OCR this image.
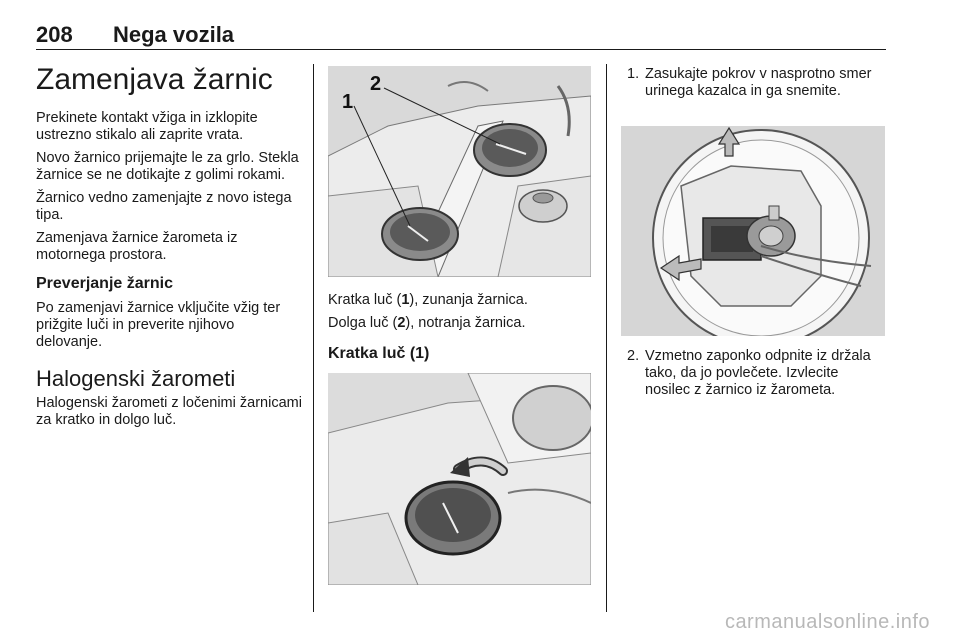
208 Nega vozila
Zamenjava žarnic

Prekinete kontakt vžiga in izklopite ustrezno stikalo ali zaprite vrata.

Novo žarnico prijemajte le za grlo. Stekla žarnice se ne dotikajte z golimi rokami.

Žarnico vedno zamenjajte z novo istega tipa.

Zamenjava žarnice žarometa iz motornega prostora.

Preverjanje žarnic

Po zamenjavi žarnice vključite vžig ter prižgite luči in preverite njihovo delovanje.

Halogenski žarometi

Halogenski žarometi z ločenimi žarnicami za kratko in dolgo luč.

1
2

Kratka luč (1), zunanja žarnica.

Dolga luč (2), notranja žarnica.

Kratka luč (1)
1. Zasukajte pokrov v nasprotno smer urinega kazalca in ga snemite.
2. Vzmetno zaponko odpnite iz držala tako, da jo povlečete. Izvlecite nosilec z žarnico iz žarometa.
carmanualsonline.info
